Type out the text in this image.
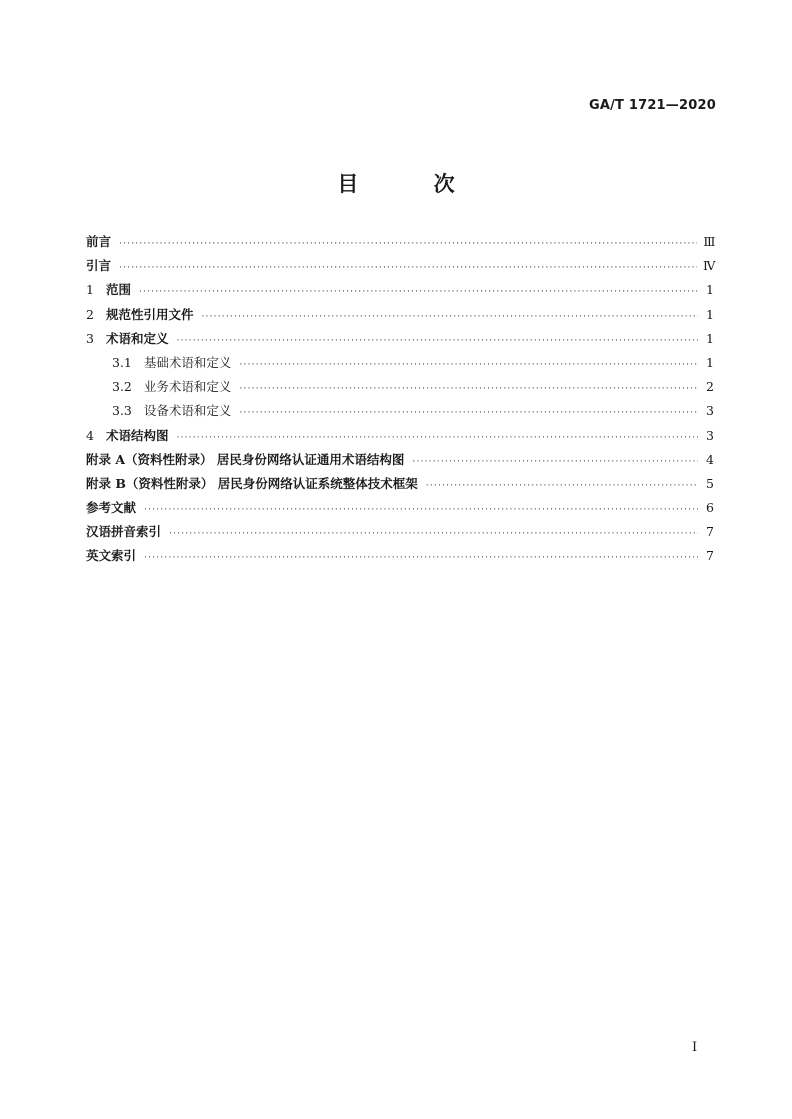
GA/T 1721—2020
目 次
前言 ·····	Ⅲ
引言 ·····	Ⅳ
1 范围 ·····	1
2 规范性引用文件 ·····	1
3 术语和定义 ·····	1
3.1 基础术语和定义 ·····	1
3.2 业务术语和定义 ·····	2
3.3 设备术语和定义 ·····	3
4 术语结构图 ·····	3
附录 A（资料性附录） 居民身份网络认证通用术语结构图 ·····	4
附录 B（资料性附录） 居民身份网络认证系统整体技术框架 ·····	5
参考文献 ·····	6
汉语拼音索引 ·····	7
英文索引 ·····	7
I
